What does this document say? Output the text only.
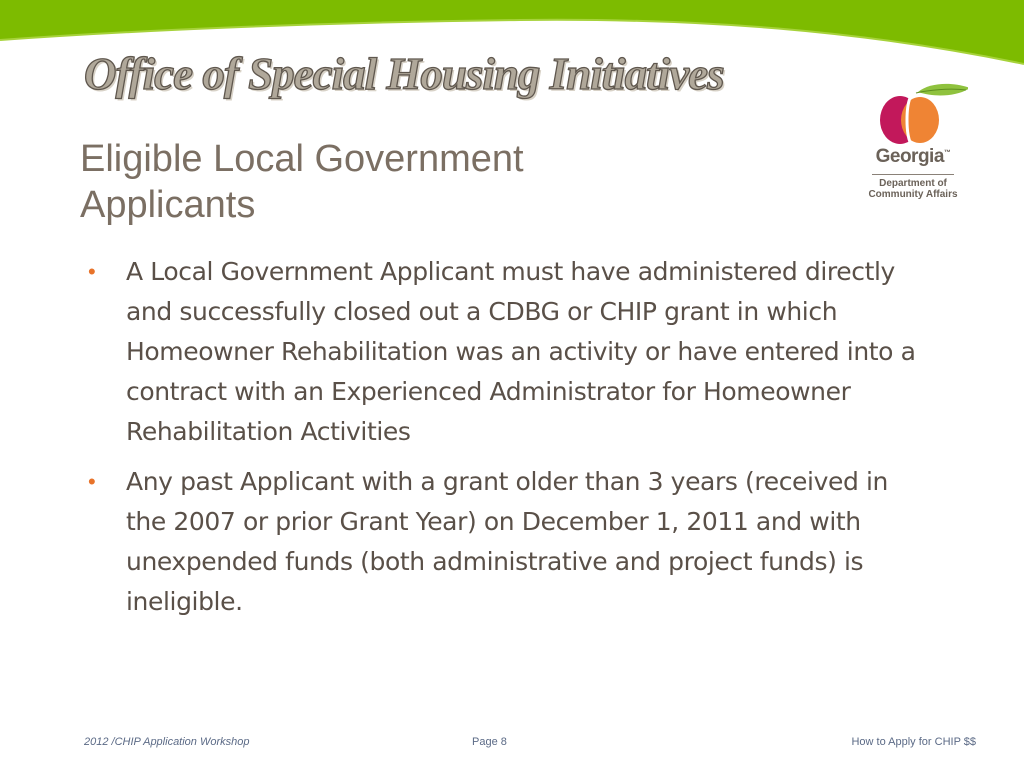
Office of Special Housing Initiatives
Eligible Local Government
Applicants
Georgia™
Department of
Community Affairs
•	A Local Government Applicant must have administered directly and successfully closed out a CDBG or CHIP grant in which Homeowner Rehabilitation was an activity or have entered into a contract with an Experienced Administrator for Homeowner Rehabilitation Activities
•	Any past Applicant with a grant older than 3 years (received in the 2007 or prior Grant Year) on December 1, 2011 and with unexpended funds (both administrative and project funds) is ineligible.
2012 /CHIP Application Workshop	Page 8	How to Apply for CHIP $$
